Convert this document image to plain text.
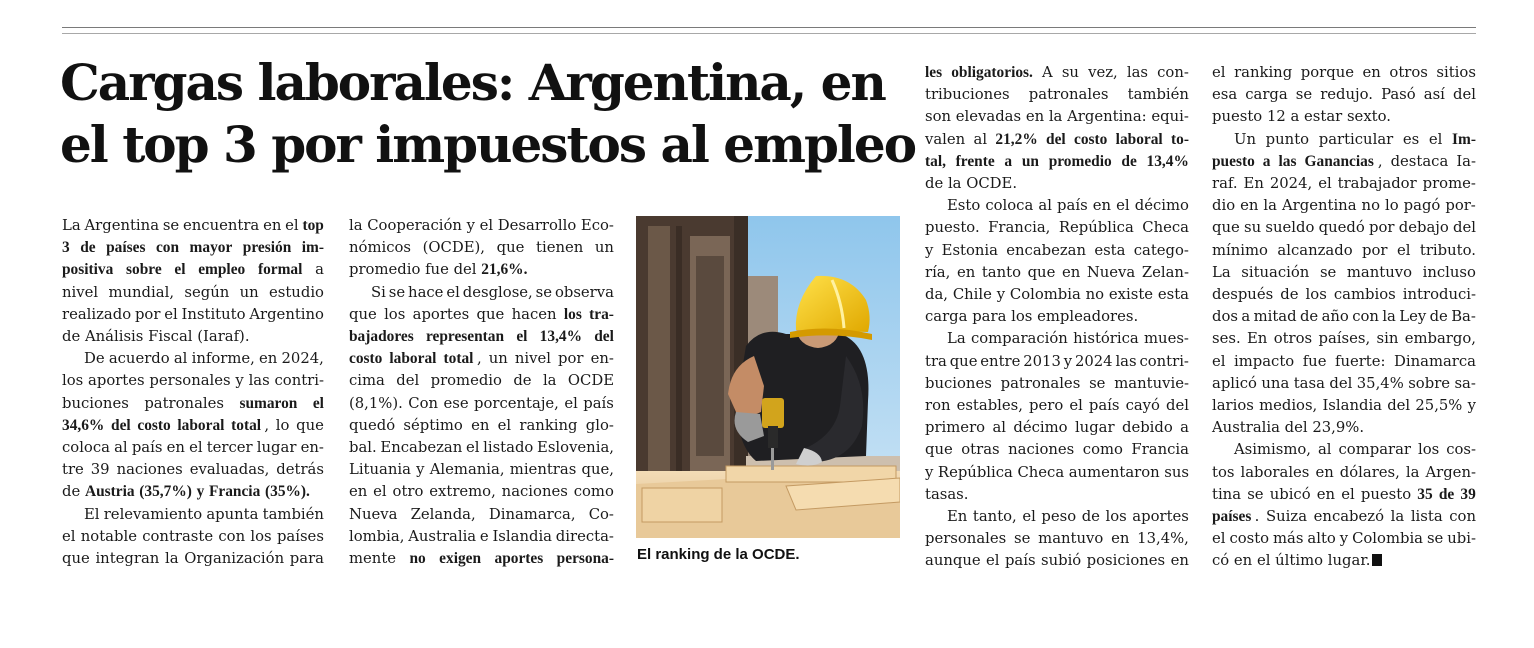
Cargas laborales: Argentina, en el top 3 por impuestos al empleo

La Argentina se encuentra en el top
3 de países con mayor presión im-
positiva sobre el empleo formal a
nivel mundial, según un estudio
realizado por el Instituto Argentino
de Análisis Fiscal (Iaraf).

De acuerdo al informe, en 2024,
los aportes personales y las contri-
buciones patronales sumaron el
34,6% del costo laboral total , lo que
coloca al país en el tercer lugar en-
tre 39 naciones evaluadas, detrás
de Austria (35,7%) y Francia (35%).

El relevamiento apunta también
el notable contraste con los países
que integran la Organización para

la Cooperación y el Desarrollo Eco-
nómicos (OCDE), que tienen un
promedio fue del 21,6%.

Si se hace el desglose, se observa
que los aportes que hacen los tra-
bajadores representan el 13,4% del
costo laboral total , un nivel por en-
cima del promedio de la OCDE
(8,1%). Con ese porcentaje, el país
quedó séptimo en el ranking glo-
bal. Encabezan el listado Eslovenia,
Lituania y Alemania, mientras que,
en el otro extremo, naciones como
Nueva Zelanda, Dinamarca, Co-
lombia, Australia e Islandia directa-
mente no exigen aportes persona- El ranking de la OCDE.

les obligatorios. A su vez, las con-
tribuciones patronales también
son elevadas en la Argentina: equi-
valen al 21,2% del costo laboral to-
tal, frente a un promedio de 13,4%
de la OCDE.

Esto coloca al país en el décimo
puesto. Francia, República Checa
y Estonia encabezan esta catego-
ría, en tanto que en Nueva Zelan-
da, Chile y Colombia no existe esta
carga para los empleadores.

La comparación histórica mues-
tra que entre 2013 y 2024 las contri-
buciones patronales se mantuvie-
ron estables, pero el país cayó del
primero al décimo lugar debido a
que otras naciones como Francia
y República Checa aumentaron sus
tasas.

En tanto, el peso de los aportes
personales se mantuvo en 13,4%,
aunque el país subió posiciones en

el ranking porque en otros sitios
esa carga se redujo. Pasó así del
puesto 12 a estar sexto.

Un punto particular es el Im-
puesto a las Ganancias , destaca Ia-
raf. En 2024, el trabajador prome-
dio en la Argentina no lo pagó por-
que su sueldo quedó por debajo del
mínimo alcanzado por el tributo.
La situación se mantuvo incluso
después de los cambios introduci-
dos a mitad de año con la Ley de Ba-
ses. En otros países, sin embargo,
el impacto fue fuerte: Dinamarca
aplicó una tasa del 35,4% sobre sa-
larios medios, Islandia del 25,5% y
Australia del 23,9%.

Asimismo, al comparar los cos-
tos laborales en dólares, la Argen-
tina se ubicó en el puesto 35 de 39
países . Suiza encabezó la lista con
el costo más alto y Colombia se ubi-
có en el último lugar.
